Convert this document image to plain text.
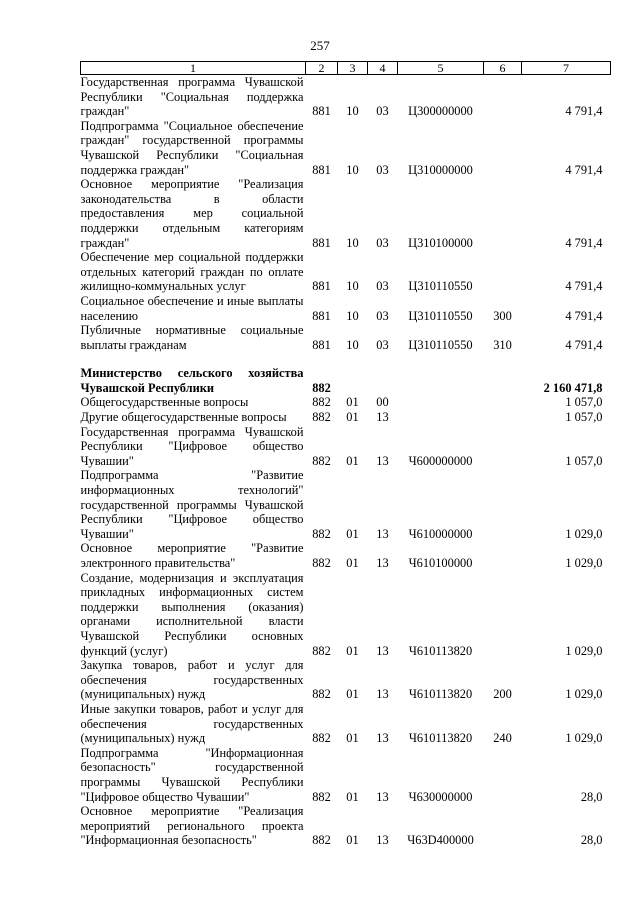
257
1	2	3	4	5	6	7
Государственная программа Чувашской Республики "Социальная поддержка граждан"	881	10	03	Ц300000000		4 791,4
Подпрограмма "Социальное обеспечение граждан" государственной программы Чувашской Республики "Социальная поддержка граждан"	881	10	03	Ц310000000		4 791,4
Основное мероприятие "Реализация законодательства в области предоставления мер социальной поддержки отдельным категориям граждан"	881	10	03	Ц310100000		4 791,4
Обеспечение мер социальной поддержки отдельных категорий граждан по оплате жилищно-коммунальных услуг	881	10	03	Ц310110550		4 791,4
Социальное обеспечение и иные выплаты населению	881	10	03	Ц310110550	300	4 791,4
Публичные нормативные социальные выплаты гражданам	881	10	03	Ц310110550	310	4 791,4

Министерство сельского хозяйства Чувашской Республики	882					2 160 471,8
Общегосударственные вопросы	882	01	00			1 057,0
Другие общегосударственные вопросы	882	01	13			1 057,0
Государственная программа Чувашской Республики "Цифровое общество Чувашии"	882	01	13	Ч600000000		1 057,0
Подпрограмма "Развитие информационных технологий" государственной программы Чувашской Республики "Цифровое общество Чувашии"	882	01	13	Ч610000000		1 029,0
Основное мероприятие "Развитие электронного правительства"	882	01	13	Ч610100000		1 029,0
Создание, модернизация и эксплуатация прикладных информационных систем поддержки выполнения (оказания) органами исполнительной власти Чувашской Республики основных функций (услуг)	882	01	13	Ч610113820		1 029,0
Закупка товаров, работ и услуг для обеспечения государственных (муниципальных) нужд	882	01	13	Ч610113820	200	1 029,0
Иные закупки товаров, работ и услуг для обеспечения государственных (муниципальных) нужд	882	01	13	Ч610113820	240	1 029,0
Подпрограмма "Информационная безопасность" государственной программы Чувашской Республики "Цифровое общество Чувашии"	882	01	13	Ч630000000		28,0
Основное мероприятие "Реализация мероприятий регионального проекта "Информационная безопасность"	882	01	13	Ч63D400000		28,0
